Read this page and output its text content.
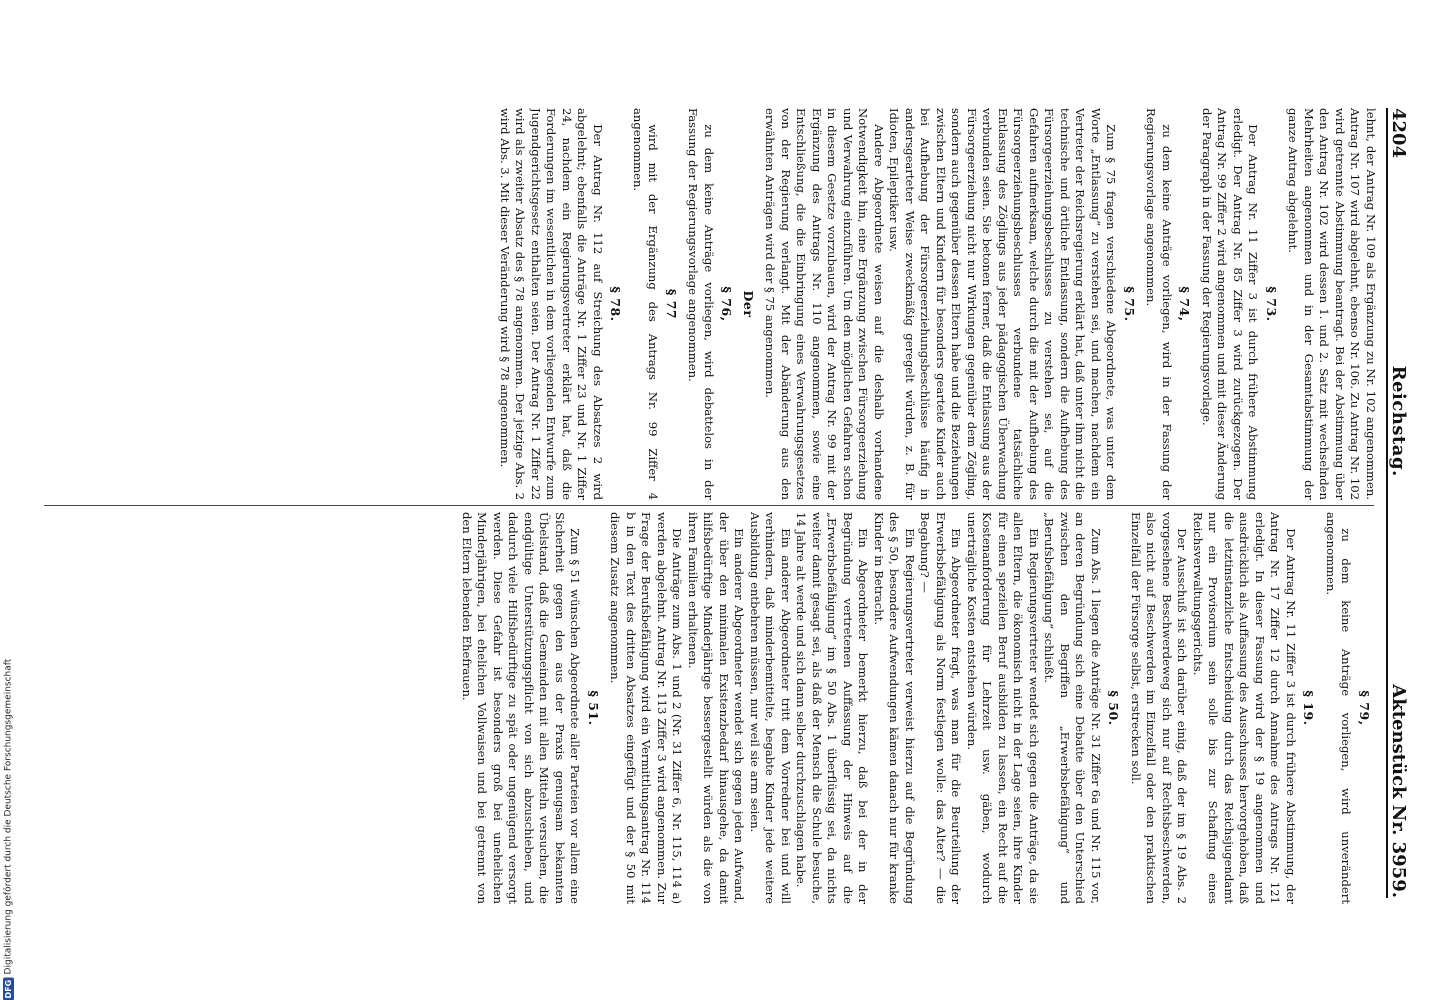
4204
Reichstag.
Aktenstück Nr. 3959.

lehnt, der Antrag Nr. 109 als Ergänzung zu Nr. 102 angenommen. Antrag Nr. 107 wird abgelehnt, ebenso Nr. 106. Zu Antrag Nr. 102 wird getrennte Abstimmung beantragt. Bei der Abstimmung über den Antrag Nr. 102 wird dessen 1. und 2. Satz mit wechselnden Mehrheiten angenommen und in der Gesamtabstimmung der ganze Antrag abgelehnt.

§ 73.

Der Antrag Nr. 11 Ziffer 3 ist durch frühere Abstimmung erledigt. Der Antrag Nr. 85 Ziffer 3 wird zurückgezogen. Der Antrag Nr. 99 Ziffer 2 wird angenommen und mit dieser Änderung der Paragraph in der Fassung der Regierungsvorlage.

§ 74,

zu dem keine Anträge vorliegen, wird in der Fassung der Regierungsvorlage angenommen.

§ 75.

Zum § 75 fragen verschiedene Abgeordnete, was unter dem Worte „Entlassung“ zu verstehen sei, und machen, nachdem ein Vertreter der Reichsregierung erklärt hat, daß unter ihm nicht die technische und örtliche Entlassung, sondern die Aufhebung des Fürsorgeerziehungsbeschlusses zu verstehen sei, auf die Gefahren aufmerksam, welche durch die mit der Aufhebung des Fürsorgeerziehungsbeschlusses verbundene tatsächliche Entlassung des Zöglings aus jeder pädagogischen Überwachung verbunden seien. Sie betonen ferner, daß die Entlassung aus der Fürsorgeerziehung nicht nur Wirkungen gegenüber dem Zögling, sondern auch gegenüber dessen Eltern habe und die Beziehungen zwischen Eltern und Kindern für besonders geartete Kinder auch bei Aufhebung der Fürsorgeerziehungsbeschlüsse häufig in andersgearteter Weise zweckmäßig geregelt würden, z. B. für Idioten, Epileptiker usw.

Andere Abgeordnete weisen auf die deshalb vorhandene Notwendigkeit hin, eine Ergänzung zwischen Fürsorgeerziehung und Verwahrung einzuführen. Um den möglichen Gefahren schon in diesem Gesetze vorzubauen, wird der Antrag Nr. 99 mit der Ergänzung des Antrags Nr. 110 angenommen, sowie eine Entschließung, die die Einbringung eines Verwahrungsgesetzes von der Regierung verlangt. Mit der Abänderung aus den erwähnten Anträgen wird der § 75 angenommen.

Der
§ 76,

zu dem keine Anträge vorliegen, wird debattelos in der Fassung der Regierungsvorlage angenommen.

§ 77

wird mit der Ergänzung des Antrags Nr. 99 Ziffer 4 angenommen.

§ 78.

Der Antrag Nr. 112 auf Streichung des Absatzes 2 wird abgelehnt; ebenfalls die Anträge Nr. 1 Ziffer 23 und Nr. 1 Ziffer 24, nachdem ein Regierungsvertreter erklärt hat, daß die Forderungen im wesentlichen in dem vorliegenden Entwurfe zum Jugendgerichtsgesetz enthalten seien. Der Antrag Nr. 1 Ziffer 22 wird als zweiter Absatz des § 78 angenommen. Der jetzige Abs. 2 wird Abs. 3. Mit dieser Veränderung wird § 78 angenommen.

§ 79,

zu dem keine Anträge vorliegen, wird unverändert angenommen.

§ 19.

Der Antrag Nr. 11 Ziffer 3 ist durch frühere Abstimmung, der Antrag Nr. 17 Ziffer 12 durch Annahme des Antrags Nr. 121 erledigt. In dieser Fassung wird der § 19 angenommen und ausdrücklich als Auffassung des Ausschusses hervorgehoben, daß die letztinstanzliche Entscheidung durch das Reichsjugendamt nur ein Provisorium sein solle bis zur Schaffung eines Reichsverwaltungsgerichts.

Der Ausschuß ist sich darüber einig, daß der im § 19 Abs. 2 vorgesehene Beschwerdeweg sich nur auf Rechtsbeschwerden, also nicht auf Beschwerden im Einzelfall oder den praktischen Einzelfall der Fürsorge selbst, erstrecken soll.

§ 50.

Zum Abs. 1 liegen die Anträge Nr. 31 Ziffer 6a und Nr. 115 vor, an deren Begründung sich eine Debatte über den Unterschied zwischen den Begriffen „Erwerbsbefähigung“ und „Berufsbefähigung“ schließt.

Ein Regierungsvertreter wendet sich gegen die Anträge, da sie allen Eltern, die ökonomisch nicht in der Lage seien, ihre Kinder für einen speziellen Beruf ausbilden zu lassen, ein Recht auf die Kostenanforderung für Lehrzeit usw. gäben, wodurch unerträgliche Kosten entstehen würden.

Ein Abgeordneter fragt, was man für die Beurteilung der Erwerbsbefähigung als Norm festlegen wolle: das Alter? — die Begabung? —

Ein Regierungsvertreter verweist hierzu auf die Begründung des § 50, besondere Aufwendungen kämen danach nur für kranke Kinder in Betracht.

Ein Abgeordneter bemerkt hierzu, daß bei der in der Begründung vertretenen Auffassung der Hinweis auf die „Erwerbsbefähigung“ im § 50 Abs. 1 überflüssig sei, da nichts weiter damit gesagt sei, als daß der Mensch die Schule besuche, 14 Jahre alt werde und sich dann selber durchzuschlagen habe.

Ein anderer Abgeordneter tritt dem Vorredner bei und will verhindern, daß minderbemittelte, begabte Kinder jede weitere Ausbildung entbehren müssen, nur weil sie arm seien.

Ein anderer Abgeordneter wendet sich gegen jeden Aufwand, der über den minimalen Existenzbedarf hinausgehe, da damit hilfsbedürftige Minderjährige bessergestellt würden als die von ihren Familien erhaltenen.

Die Anträge zum Abs. 1 und 2 (Nr. 31 Ziffer 6, Nr. 115, 114 a) werden abgelehnt. Antrag Nr. 113 Ziffer 3 wird angenommen. Zur Frage der Berufsbefähigung wird ein Vermittlungsantrag Nr. 114 b in den Text des dritten Absatzes eingefügt und der § 50 mit diesem Zusatz angenommen.

§ 51.

Zum § 51 wünschen Abgeordnete aller Parteien vor allem eine Sicherheit gegen den aus der Praxis genugsam bekannten Übelstand, daß die Gemeinden mit allen Mitteln versuchen, die endgültige Unterstützungspflicht von sich abzuschieben, und dadurch viele Hilfsbedürftige zu spät oder ungenügend versorgt werden. Diese Gefahr ist besonders groß bei unehelichen Minderjährigen, bei ehelichen Vollwaisen und bei getrennt von den Eltern lebenden Ehefrauen.

DFG
Digitalisierung gefördert durch die Deutsche Forschungsgemeinschaft
